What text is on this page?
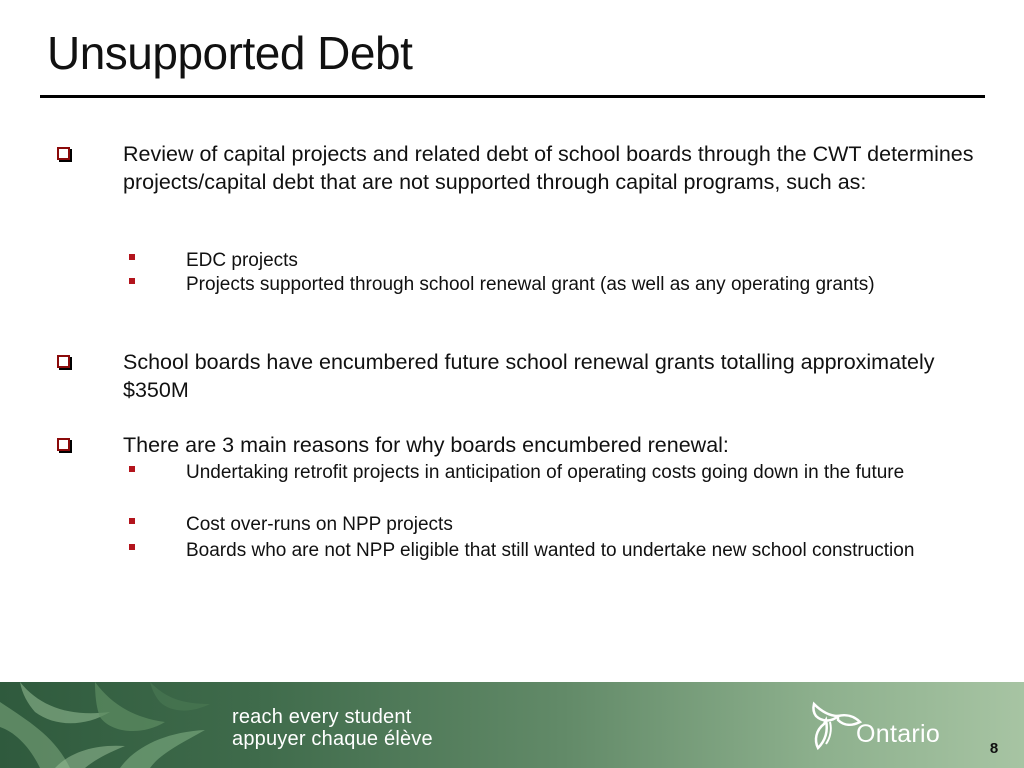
Unsupported Debt
Review of capital projects and related debt of school boards through the CWT determines projects/capital debt that are not supported through capital programs, such as:
EDC projects
Projects supported through school renewal grant (as well as any operating grants)
School boards have encumbered future school renewal grants totalling approximately $350M
There are 3 main reasons for why boards encumbered renewal:
Undertaking retrofit projects in anticipation of operating costs going down in the future
Cost over-runs on NPP projects
Boards who are not NPP eligible that still wanted to undertake new school construction
reach every student
appuyer chaque élève	Ontario
8
